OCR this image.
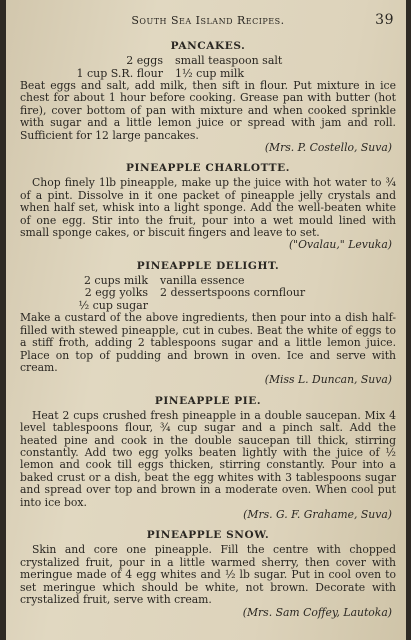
South Sea Island Recipes.	39
PANCAKES.
2 eggs	small teaspoon salt
1 cup S.R. flour	1½ cup milk

Beat eggs and salt, add milk, then sift in flour. Put mixture in ice chest for about 1 hour before cooking. Grease pan with butter (hot fire), cover bottom of pan with mixture and when cooked sprinkle with sugar and a little lemon juice or spread with jam and roll. Sufficient for 12 large pancakes.

(Mrs. P. Costello, Suva)
PINEAPPLE CHARLOTTE.

Chop finely 1lb pineapple, make up the juice with hot water to ¾ of a pint. Dissolve in it one packet of pineapple jelly crystals and when half set, whisk into a light sponge. Add the well-beaten white of one egg. Stir into the fruit, pour into a wet mould lined with small sponge cakes, or biscuit fingers and leave to set.

("Ovalau," Levuka)
PINEAPPLE DELIGHT.
2 cups milk	vanilla essence
2 egg yolks	2 dessertspoons cornflour
½ cup sugar

Make a custard of the above ingredients, then pour into a dish half-filled with stewed pineapple, cut in cubes. Beat the white of eggs to a stiff froth, adding 2 tablespoons sugar and a little lemon juice. Place on top of pudding and brown in oven. Ice and serve with cream.

(Miss L. Duncan, Suva)
PINEAPPLE PIE.

Heat 2 cups crushed fresh pineapple in a double saucepan. Mix 4 level tablespoons flour, ¾ cup sugar and a pinch salt. Add the heated pine and cook in the double saucepan till thick, stirring constantly. Add two egg yolks beaten lightly with the juice of ½ lemon and cook till eggs thicken, stirring constantly. Pour into a baked crust or a dish, beat the egg whites with 3 tablespoons sugar and spread over top and brown in a moderate oven. When cool put into ice box.

(Mrs. G. F. Grahame, Suva)
PINEAPPLE SNOW.

Skin and core one pineapple. Fill the centre with chopped crystalized fruit, pour in a little warmed sherry, then cover with meringue made of 4 egg whites and ½ lb sugar. Put in cool oven to set meringue which should be white, not brown. Decorate with crystalized fruit, serve with cream.

(Mrs. Sam Coffey, Lautoka)
